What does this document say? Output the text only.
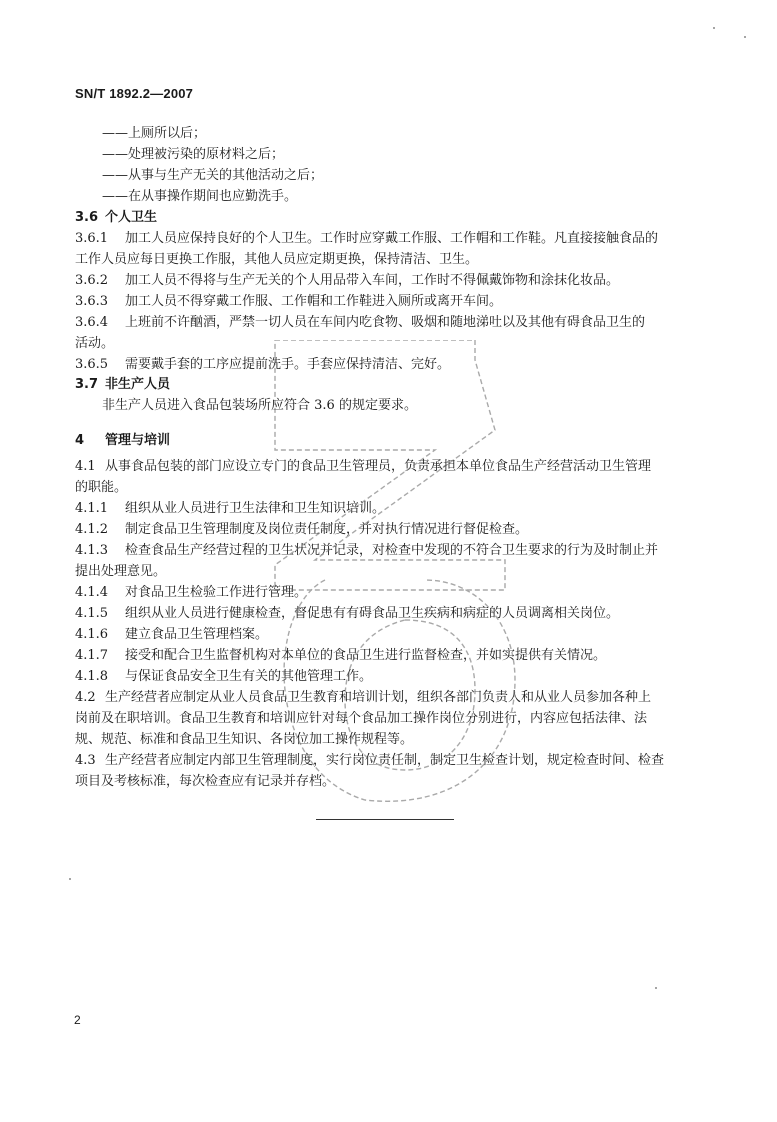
SN/T 1892.2—2007
——上厕所以后；
——处理被污染的原材料之后；
——从事与生产无关的其他活动之后；
——在从事操作期间也应勤洗手。
3.6 个人卫生
3.6.1 加工人员应保持良好的个人卫生。工作时应穿戴工作服、工作帽和工作鞋。凡直接接触食品的
工作人员应每日更换工作服，其他人员应定期更换，保持清洁、卫生。
3.6.2 加工人员不得将与生产无关的个人用品带入车间，工作时不得佩戴饰物和涂抹化妆品。
3.6.3 加工人员不得穿戴工作服、工作帽和工作鞋进入厕所或离开车间。
3.6.4 上班前不许酗酒，严禁一切人员在车间内吃食物、吸烟和随地涕吐以及其他有碍食品卫生的
活动。
3.6.5 需要戴手套的工序应提前洗手。手套应保持清洁、完好。
3.7 非生产人员
非生产人员进入食品包装场所应符合 3.6 的规定要求。
4 管理与培训
4.1 从事食品包装的部门应设立专门的食品卫生管理员，负责承担本单位食品生产经营活动卫生管理
的职能。
4.1.1 组织从业人员进行卫生法律和卫生知识培训。
4.1.2 制定食品卫生管理制度及岗位责任制度，并对执行情况进行督促检查。
4.1.3 检查食品生产经营过程的卫生状况并记录，对检查中发现的不符合卫生要求的行为及时制止并
提出处理意见。
4.1.4 对食品卫生检验工作进行管理。
4.1.5 组织从业人员进行健康检查，督促患有有碍食品卫生疾病和病症的人员调离相关岗位。
4.1.6 建立食品卫生管理档案。
4.1.7 接受和配合卫生监督机构对本单位的食品卫生进行监督检查，并如实提供有关情况。
4.1.8 与保证食品安全卫生有关的其他管理工作。
4.2 生产经营者应制定从业人员食品卫生教育和培训计划，组织各部门负责人和从业人员参加各种上
岗前及在职培训。食品卫生教育和培训应针对每个食品加工操作岗位分别进行，内容应包括法律、法
规、规范、标准和食品卫生知识、各岗位加工操作规程等。
4.3 生产经营者应制定内部卫生管理制度，实行岗位责任制，制定卫生检查计划，规定检查时间、检查
项目及考核标准，每次检查应有记录并存档。
2
